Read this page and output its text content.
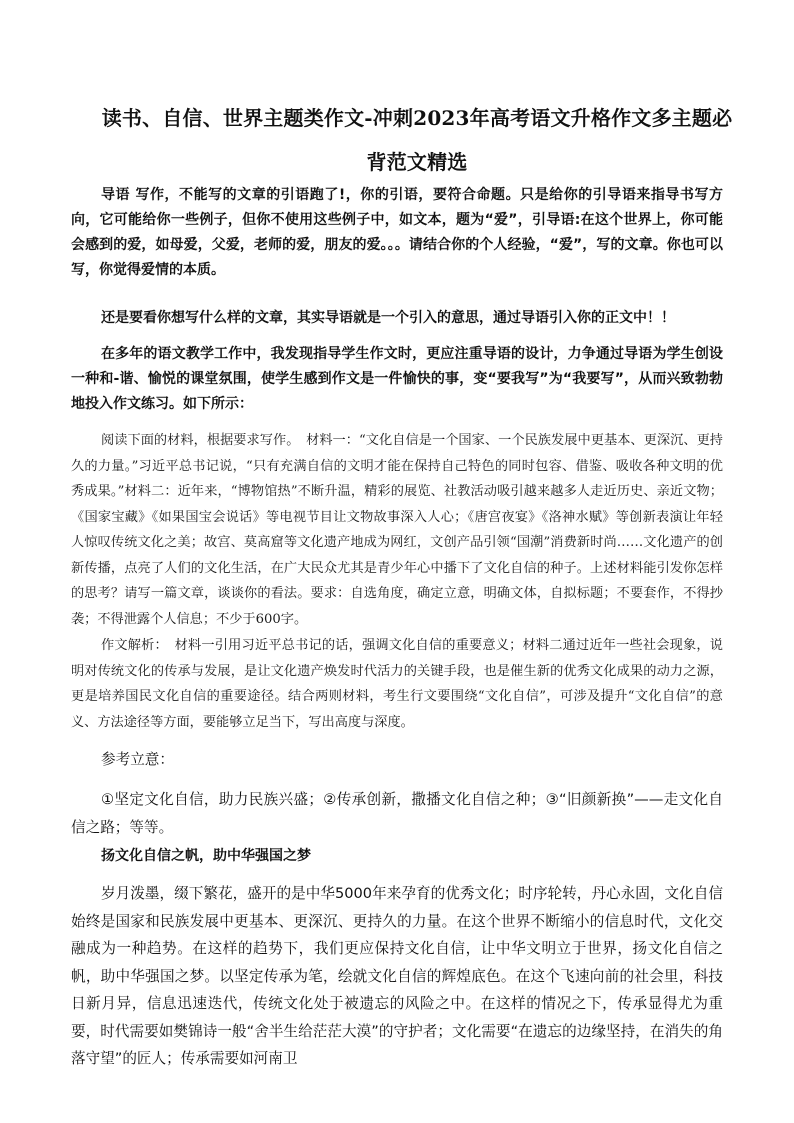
读书、自信、世界主题类作文-冲刺2023年高考语文升格作文多主题必背范文精选

导语 写作，不能写的文章的引语跑了!，你的引语，要符合命题。只是给你的引导语来指导书写方向，它可能给你一些例子，但你不使用这些例子中，如文本，题为“爱”，引导语:在这个世界上，你可能会感到的爱，如母爱，父爱，老师的爱，朋友的爱。。。请结合你的个人经验，“爱”，写的文章。你也可以写，你觉得爱情的本质。

还是要看你想写什么样的文章，其实导语就是一个引入的意思，通过导语引入你的正文中！！

在多年的语文教学工作中，我发现指导学生作文时，更应注重导语的设计，力争通过导语为学生创设一种和-谐、愉悦的课堂氛围，使学生感到作文是一件愉快的事，变“要我写”为“我要写”，从而兴致勃勃地投入作文练习。如下所示：

阅读下面的材料，根据要求写作。　材料一：“文化自信是一个国家、一个民族发展中更基本、更深沉、更持久的力量。”习近平总书记说，“只有充满自信的文明才能在保持自己特色的同时包容、借鉴、吸收各种文明的优秀成果。”材料二：近年来，“博物馆热”不断升温，精彩的展览、社教活动吸引越来越多人走近历史、亲近文物；《国家宝藏》《如果国宝会说话》等电视节目让文物故事深入人心；《唐宫夜宴》《洛神水赋》等创新表演让年轻人惊叹传统文化之美；故宫、莫高窟等文化遗产地成为网红，文创产品引领“国潮”消费新时尚……文化遗产的创新传播，点亮了人们的文化生活，在广大民众尤其是青少年心中播下了文化自信的种子。上述材料能引发你怎样的思考？请写一篇文章，谈谈你的看法。要求：自选角度，确定立意，明确文体，自拟标题；不要套作，不得抄袭；不得泄露个人信息；不少于600字。

作文解析：　材料一引用习近平总书记的话，强调文化自信的重要意义；材料二通过近年一些社会现象，说明对传统文化的传承与发展，是让文化遗产焕发时代活力的关键手段，也是催生新的优秀文化成果的动力之源，更是培养国民文化自信的重要途径。结合两则材料，考生行文要围绕“文化自信”，可涉及提升“文化自信”的意义、方法途径等方面，要能够立足当下，写出高度与深度。

参考立意：

①坚定文化自信，助力民族兴盛；②传承创新，撒播文化自信之种；③“旧颜新换”——走文化自信之路；等等。

扬文化自信之帆，助中华强国之梦

岁月泼墨，缀下繁花，盛开的是中华5000年来孕育的优秀文化；时序轮转，丹心永固，文化自信始终是国家和民族发展中更基本、更深沉、更持久的力量。在这个世界不断缩小的信息时代，文化交融成为一种趋势。在这样的趋势下，我们更应保持文化自信，让中华文明立于世界，扬文化自信之帆，助中华强国之梦。以坚定传承为笔，绘就文化自信的辉煌底色。在这个飞速向前的社会里，科技日新月异，信息迅速迭代，传统文化处于被遗忘的风险之中。在这样的情况之下，传承显得尤为重要，时代需要如樊锦诗一般“舍半生给茫茫大漠”的守护者；文化需要“在遗忘的边缘坚持，在消失的角落守望”的匠人；传承需要如河南卫
